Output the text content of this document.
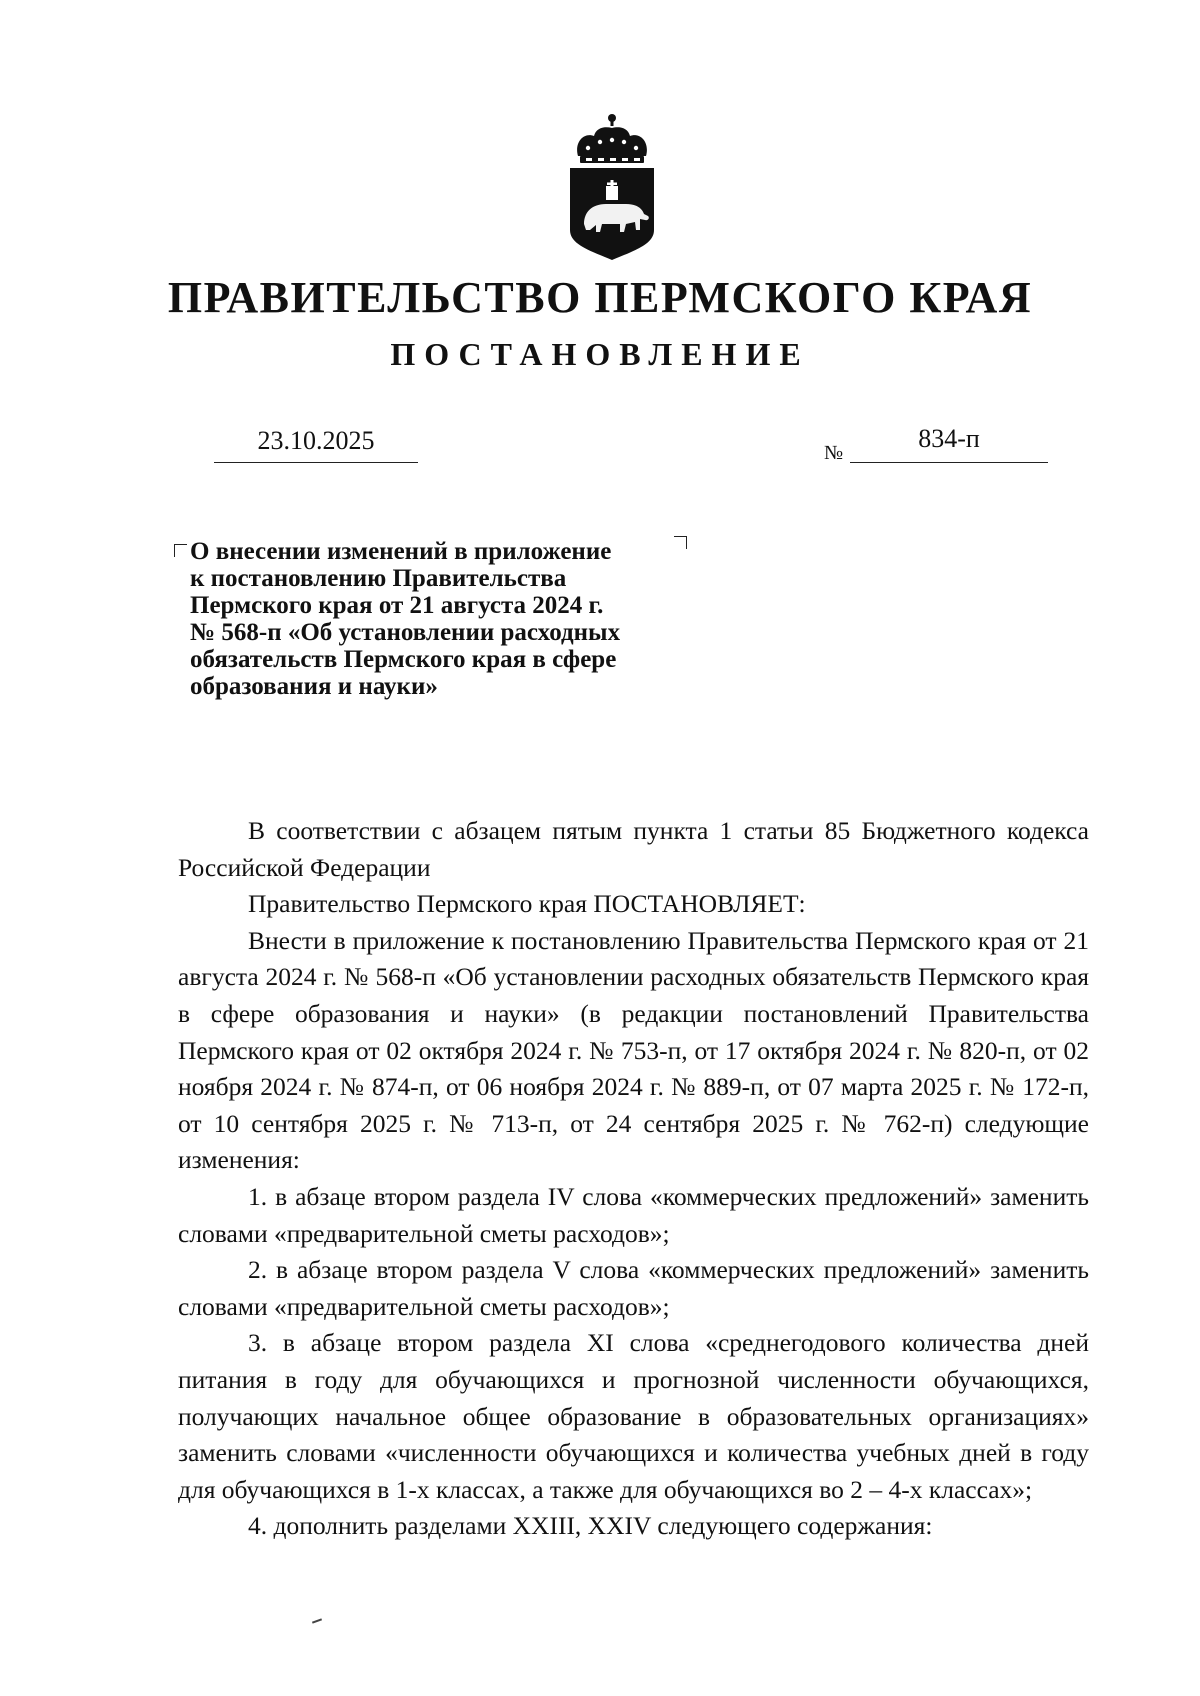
ПРАВИТЕЛЬСТВО ПЕРМСКОГО КРАЯ
ПОСТАНОВЛЕНИЕ
23.10.2025	№	834-п
О внесении изменений в приложение
к постановлению Правительства
Пермского края от 21 августа 2024 г.
№ 568-п «Об установлении расходных
обязательств Пермского края в сфере
образования и науки»

В соответствии с абзацем пятым пункта 1 статьи 85 Бюджетного кодекса Российской Федерации

Правительство Пермского края ПОСТАНОВЛЯЕТ:

Внести в приложение к постановлению Правительства Пермского края от 21 августа 2024 г. № 568-п «Об установлении расходных обязательств Пермского края в сфере образования и науки» (в редакции постановлений Правительства Пермского края от 02 октября 2024 г. № 753-п, от 17 октября 2024 г. № 820-п, от 02 ноября 2024 г. № 874-п, от 06 ноября 2024 г. № 889-п, от 07 марта 2025 г. № 172-п, от 10 сентября 2025 г. № 713-п, от 24 сентября 2025 г. № 762-п) следующие изменения:

1. в абзаце втором раздела IV слова «коммерческих предложений» заменить словами «предварительной сметы расходов»;

2. в абзаце втором раздела V слова «коммерческих предложений» заменить словами «предварительной сметы расходов»;

3. в абзаце втором раздела XI слова «среднегодового количества дней питания в году для обучающихся и прогнозной численности обучающихся, получающих начальное общее образование в образовательных организациях» заменить словами «численности обучающихся и количества учебных дней в году для обучающихся в 1-х классах, а также для обучающихся во 2 – 4-х классах»;

4. дополнить разделами XXIII, XXIV следующего содержания:
